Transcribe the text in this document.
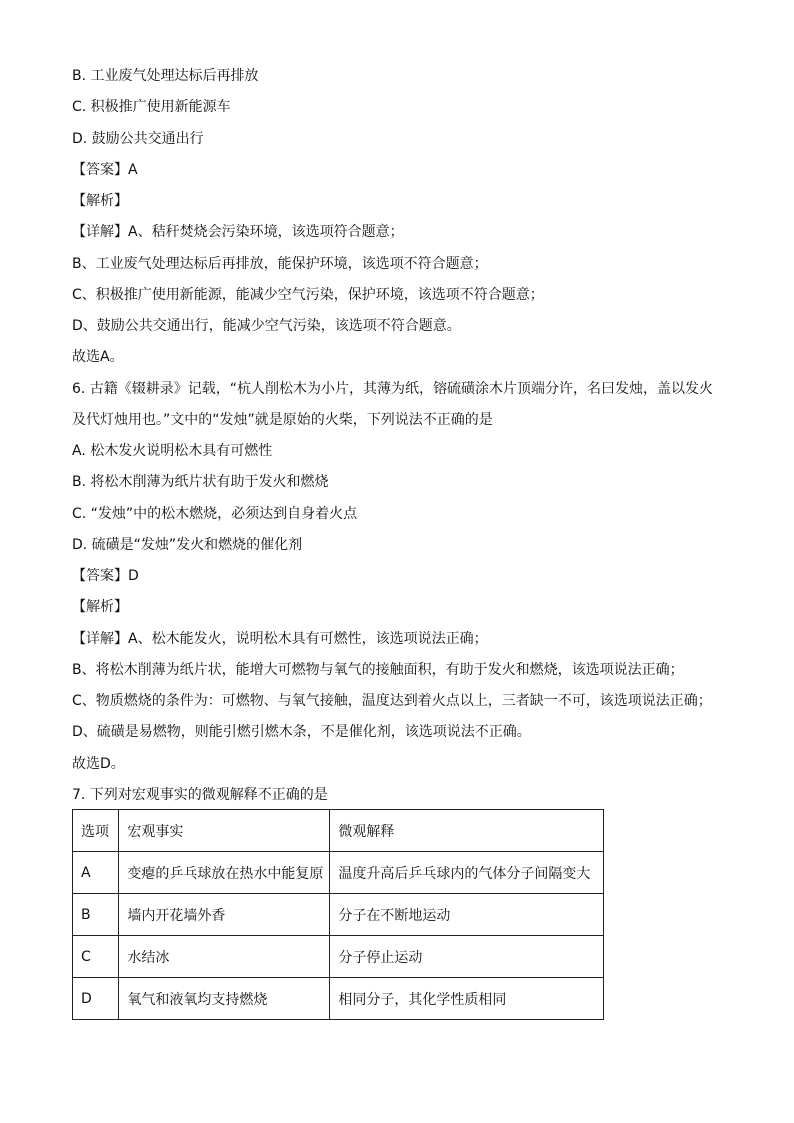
B. 工业废气处理达标后再排放
C. 积极推广使用新能源车
D. 鼓励公共交通出行
【答案】A
【解析】
【详解】A、秸秆焚烧会污染环境，该选项符合题意；
B、工业废气处理达标后再排放，能保护环境，该选项不符合题意；
C、积极推广使用新能源，能减少空气污染，保护环境，该选项不符合题意；
D、鼓励公共交通出行，能减少空气污染，该选项不符合题意。
故选A。
6. 古籍《辍耕录》记载，“杭人削松木为小片，其薄为纸，镕硫磺涂木片顶端分许，名曰发烛，盖以发火
及代灯烛用也。”文中的“发烛”就是原始的火柴，下列说法不正确的是
A. 松木发火说明松木具有可燃性
B. 将松木削薄为纸片状有助于发火和燃烧
C. “发烛”中的松木燃烧，必须达到自身着火点
D. 硫磺是“发烛”发火和燃烧的催化剂
【答案】D
【解析】
【详解】A、松木能发火，说明松木具有可燃性，该选项说法正确；
B、将松木削薄为纸片状，能增大可燃物与氧气的接触面积，有助于发火和燃烧，该选项说法正确；
C、物质燃烧的条件为：可燃物、与氧气接触，温度达到着火点以上，三者缺一不可，该选项说法正确；
D、硫磺是易燃物，则能引燃引燃木条，不是催化剂，该选项说法不正确。
故选D。
7. 下列对宏观事实的微观解释不正确的是
选项	宏观事实	微观解释
A	变瘪的乒乓球放在热水中能复原	温度升高后乒乓球内的气体分子间隔变大
B	墙内开花墙外香	分子在不断地运动
C	水结冰	分子停止运动
D	氧气和液氧均支持燃烧	相同分子，其化学性质相同
